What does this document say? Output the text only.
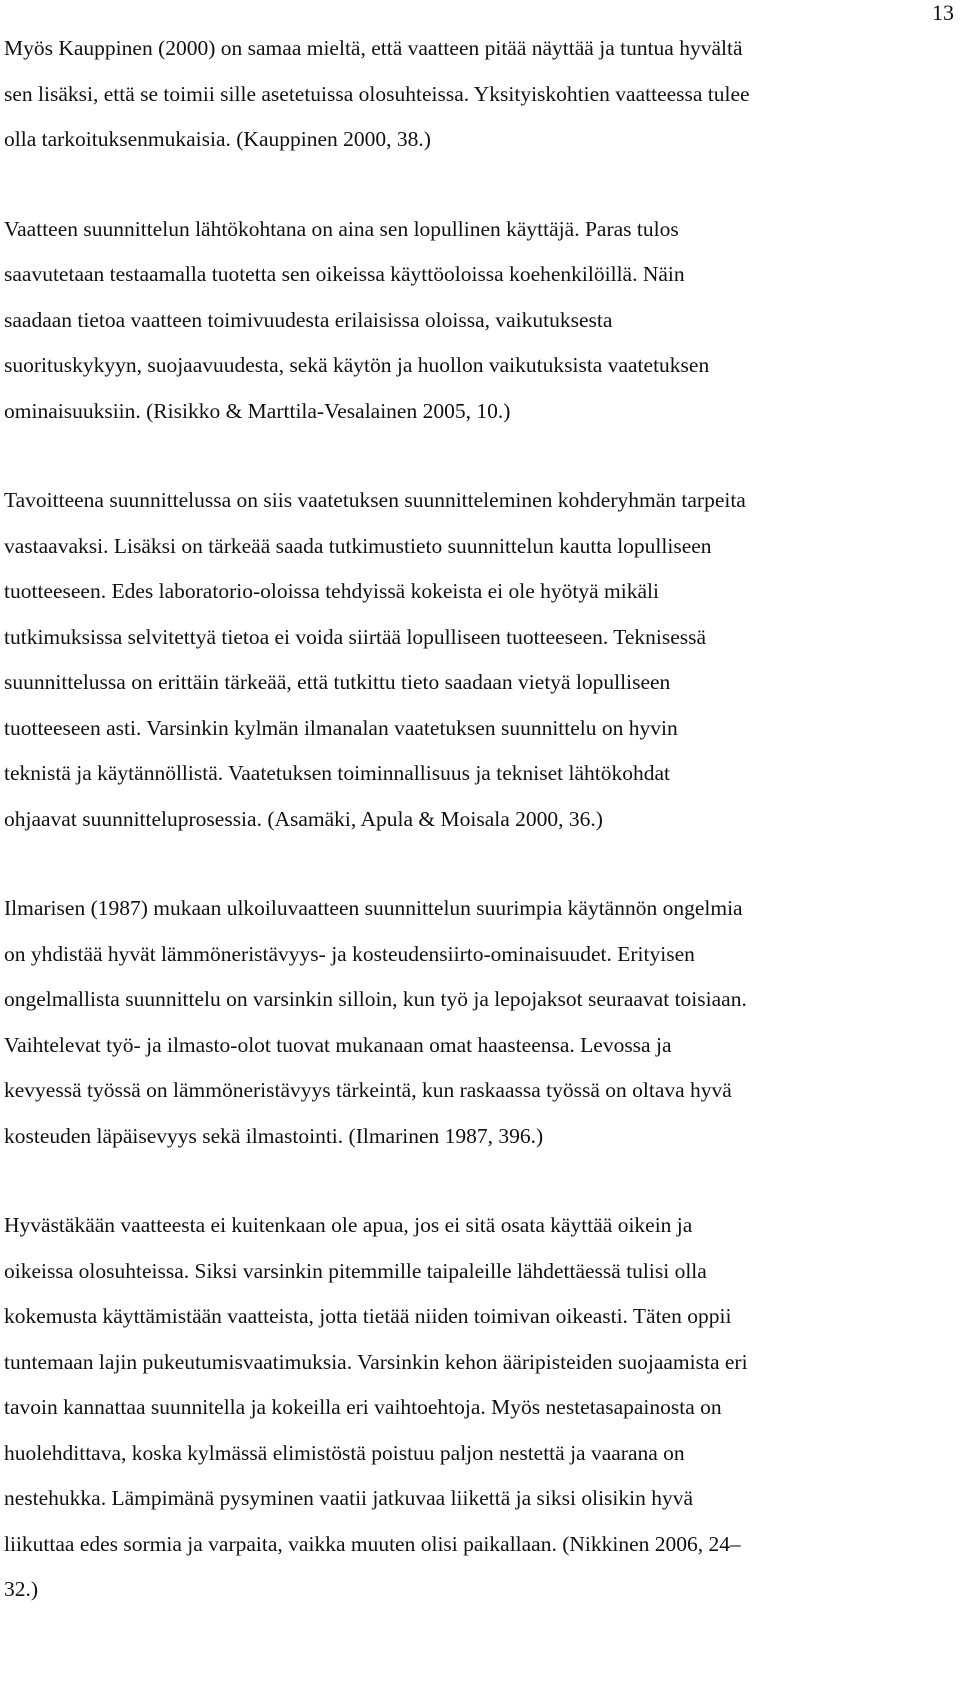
13

Myös Kauppinen (2000) on samaa mieltä, että vaatteen pitää näyttää ja tuntua hyvältä
sen lisäksi, että se toimii sille asetetuissa olosuhteissa. Yksityiskohtien vaatteessa tulee
olla tarkoituksenmukaisia. (Kauppinen 2000, 38.)

Vaatteen suunnittelun lähtökohtana on aina sen lopullinen käyttäjä. Paras tulos
saavutetaan testaamalla tuotetta sen oikeissa käyttöoloissa koehenkilöillä. Näin
saadaan tietoa vaatteen toimivuudesta erilaisissa oloissa, vaikutuksesta
suorituskykyyn, suojaavuudesta, sekä käytön ja huollon vaikutuksista vaatetuksen
ominaisuuksiin. (Risikko & Marttila-Vesalainen 2005, 10.)

Tavoitteena suunnittelussa on siis vaatetuksen suunnitteleminen kohderyhmän tarpeita
vastaavaksi. Lisäksi on tärkeää saada tutkimustieto suunnittelun kautta lopulliseen
tuotteeseen. Edes laboratorio-oloissa tehdyissä kokeista ei ole hyötyä mikäli
tutkimuksissa selvitettyä tietoa ei voida siirtää lopulliseen tuotteeseen. Teknisessä
suunnittelussa on erittäin tärkeää, että tutkittu tieto saadaan vietyä lopulliseen
tuotteeseen asti. Varsinkin kylmän ilmanalan vaatetuksen suunnittelu on hyvin
teknistä ja käytännöllistä. Vaatetuksen toiminnallisuus ja tekniset lähtökohdat
ohjaavat suunnitteluprosessia. (Asamäki, Apula & Moisala 2000, 36.)

Ilmarisen (1987) mukaan ulkoiluvaatteen suunnittelun suurimpia käytännön ongelmia
on yhdistää hyvät lämmöneristävyys- ja kosteudensiirto-ominaisuudet. Erityisen
ongelmallista suunnittelu on varsinkin silloin, kun työ ja lepojaksot seuraavat toisiaan.
Vaihtelevat työ- ja ilmasto-olot tuovat mukanaan omat haasteensa. Levossa ja
kevyessä työssä on lämmöneristävyys tärkeintä, kun raskaassa työssä on oltava hyvä
kosteuden läpäisevyys sekä ilmastointi. (Ilmarinen 1987, 396.)

Hyvästäkään vaatteesta ei kuitenkaan ole apua, jos ei sitä osata käyttää oikein ja
oikeissa olosuhteissa. Siksi varsinkin pitemmille taipaleille lähdettäessä tulisi olla
kokemusta käyttämistään vaatteista, jotta tietää niiden toimivan oikeasti. Täten oppii
tuntemaan lajin pukeutumisvaatimuksia. Varsinkin kehon ääripisteiden suojaamista eri
tavoin kannattaa suunnitella ja kokeilla eri vaihtoehtoja. Myös nestetasapainosta on
huolehdittava, koska kylmässä elimistöstä poistuu paljon nestettä ja vaarana on
nestehukka. Lämpimänä pysyminen vaatii jatkuvaa liikettä ja siksi olisikin hyvä
liikuttaa edes sormia ja varpaita, vaikka muuten olisi paikallaan. (Nikkinen 2006, 24–
32.)
